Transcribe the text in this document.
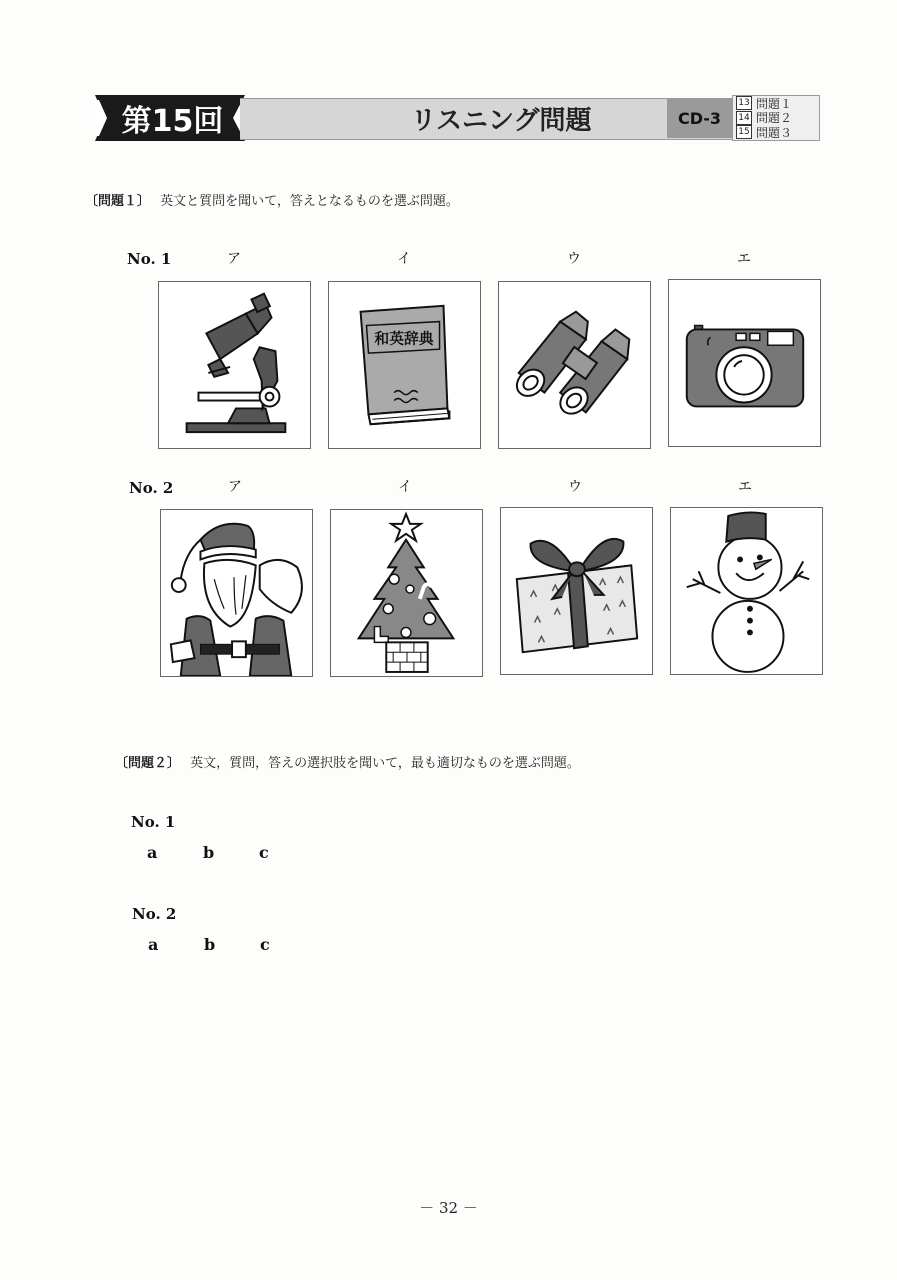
第15回	リスニング問題	CD-3
13 問題１
14 問題２
15 問題３
〔問題１〕 英文と質問を聞いて，答えとなるものを選ぶ問題。
No. 1	ア	イ	ウ	エ
和英辞典
No. 2	ア	イ	ウ	エ
〔問題２〕 英文，質問，答えの選択肢を聞いて，最も適切なものを選ぶ問題。
No. 1
a	b	c
No. 2
a	b	c
－ 32 －
